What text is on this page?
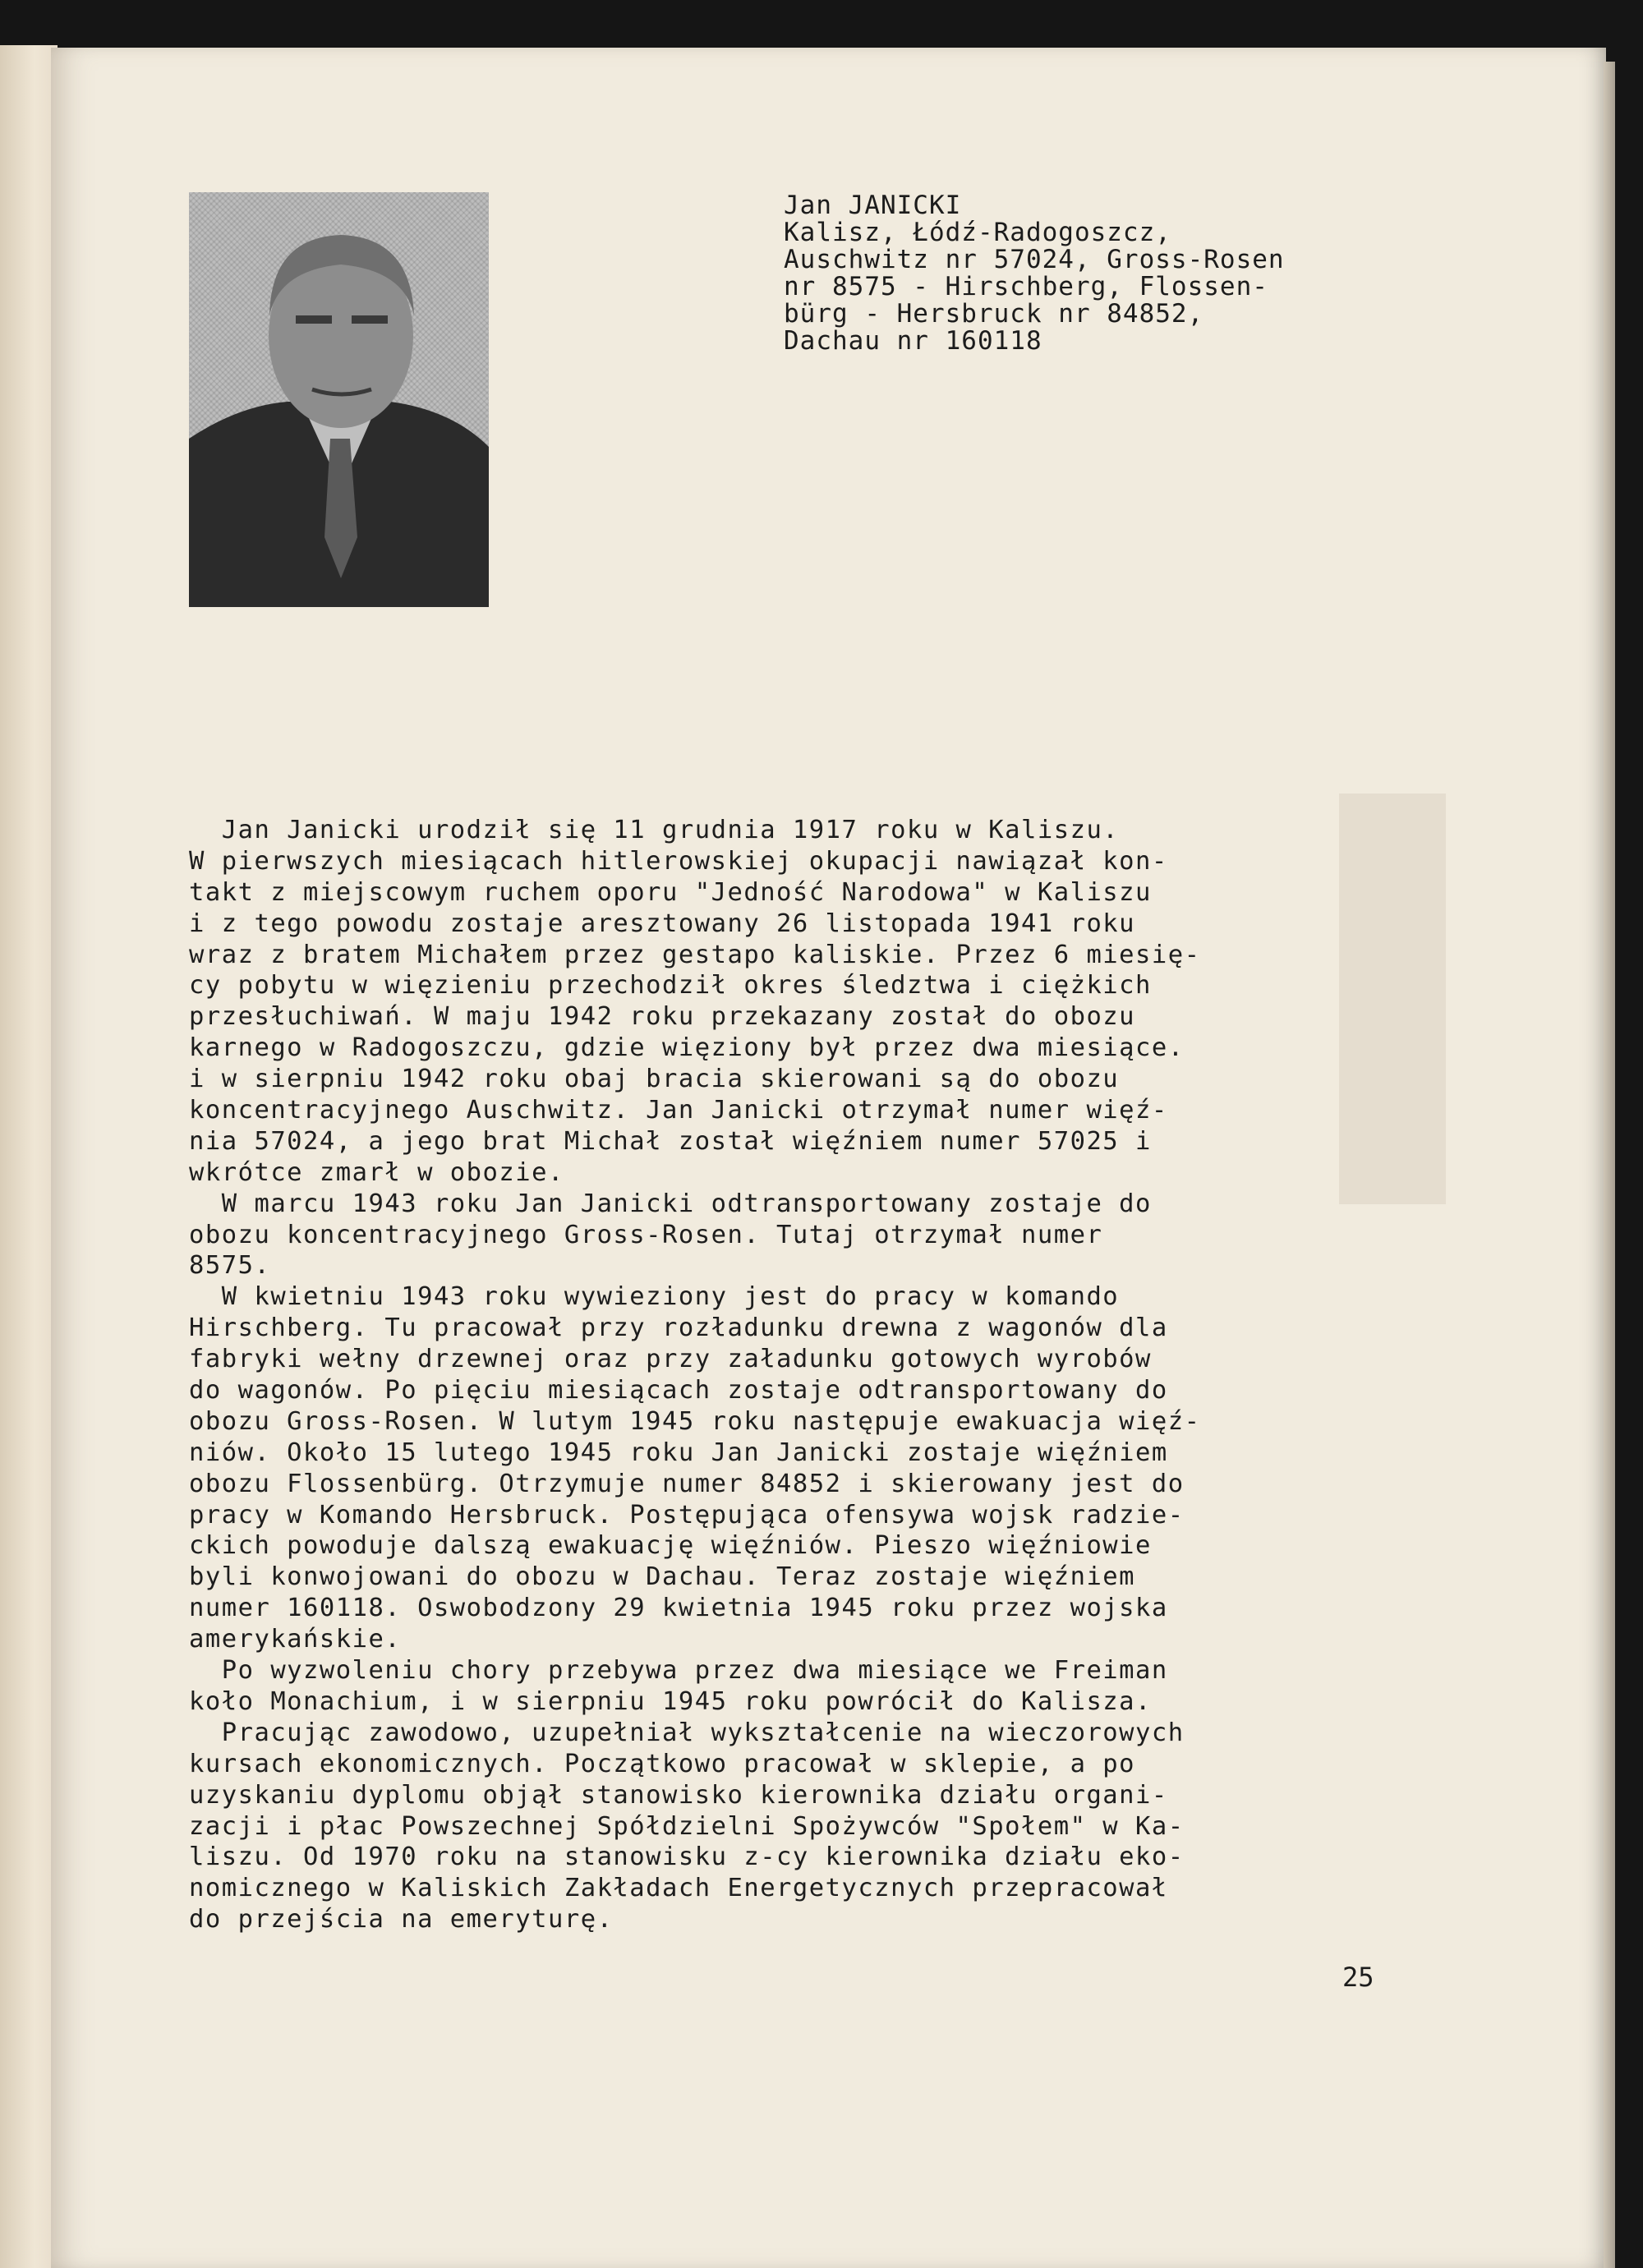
Jan JANICKI
Kalisz, Łódź-Radogoszcz,
Auschwitz nr 57024, Gross-Rosen
nr 8575 - Hirschberg, Flossen-
bürg - Hersbruck nr 84852,
Dachau nr 160118
Jan Janicki urodził się 11 grudnia 1917 roku w Kaliszu.
W pierwszych miesiącach hitlerowskiej okupacji nawiązał kon-
takt z miejscowym ruchem oporu "Jedność Narodowa" w Kaliszu
i z tego powodu zostaje aresztowany 26 listopada 1941 roku
wraz z bratem Michałem przez gestapo kaliskie. Przez 6 miesię-
cy pobytu w więzieniu przechodził okres śledztwa i ciężkich
przesłuchiwań. W maju 1942 roku przekazany został do obozu
karnego w Radogoszczu, gdzie więziony był przez dwa miesiące.
i w sierpniu 1942 roku obaj bracia skierowani są do obozu
koncentracyjnego Auschwitz. Jan Janicki otrzymał numer więź-
nia 57024, a jego brat Michał został więźniem numer 57025 i
wkrótce zmarł w obozie.
W marcu 1943 roku Jan Janicki odtransportowany zostaje do
obozu koncentracyjnego Gross-Rosen. Tutaj otrzymał numer
8575.
W kwietniu 1943 roku wywieziony jest do pracy w komando
Hirschberg. Tu pracował przy rozładunku drewna z wagonów dla
fabryki wełny drzewnej oraz przy załadunku gotowych wyrobów
do wagonów. Po pięciu miesiącach zostaje odtransportowany do
obozu Gross-Rosen. W lutym 1945 roku następuje ewakuacja więź-
niów. Około 15 lutego 1945 roku Jan Janicki zostaje więźniem
obozu Flossenbürg. Otrzymuje numer 84852 i skierowany jest do
pracy w Komando Hersbruck. Postępująca ofensywa wojsk radzie-
ckich powoduje dalszą ewakuację więźniów. Pieszo więźniowie
byli konwojowani do obozu w Dachau. Teraz zostaje więźniem
numer 160118. Oswobodzony 29 kwietnia 1945 roku przez wojska
amerykańskie.
Po wyzwoleniu chory przebywa przez dwa miesiące we Freiman
koło Monachium, i w sierpniu 1945 roku powrócił do Kalisza.
Pracując zawodowo, uzupełniał wykształcenie na wieczorowych
kursach ekonomicznych. Początkowo pracował w sklepie, a po
uzyskaniu dyplomu objął stanowisko kierownika działu organi-
zacji i płac Powszechnej Spółdzielni Spożywców "Społem" w Ka-
liszu. Od 1970 roku na stanowisku z-cy kierownika działu eko-
nomicznego w Kaliskich Zakładach Energetycznych przepracował
do przejścia na emeryturę.
25
